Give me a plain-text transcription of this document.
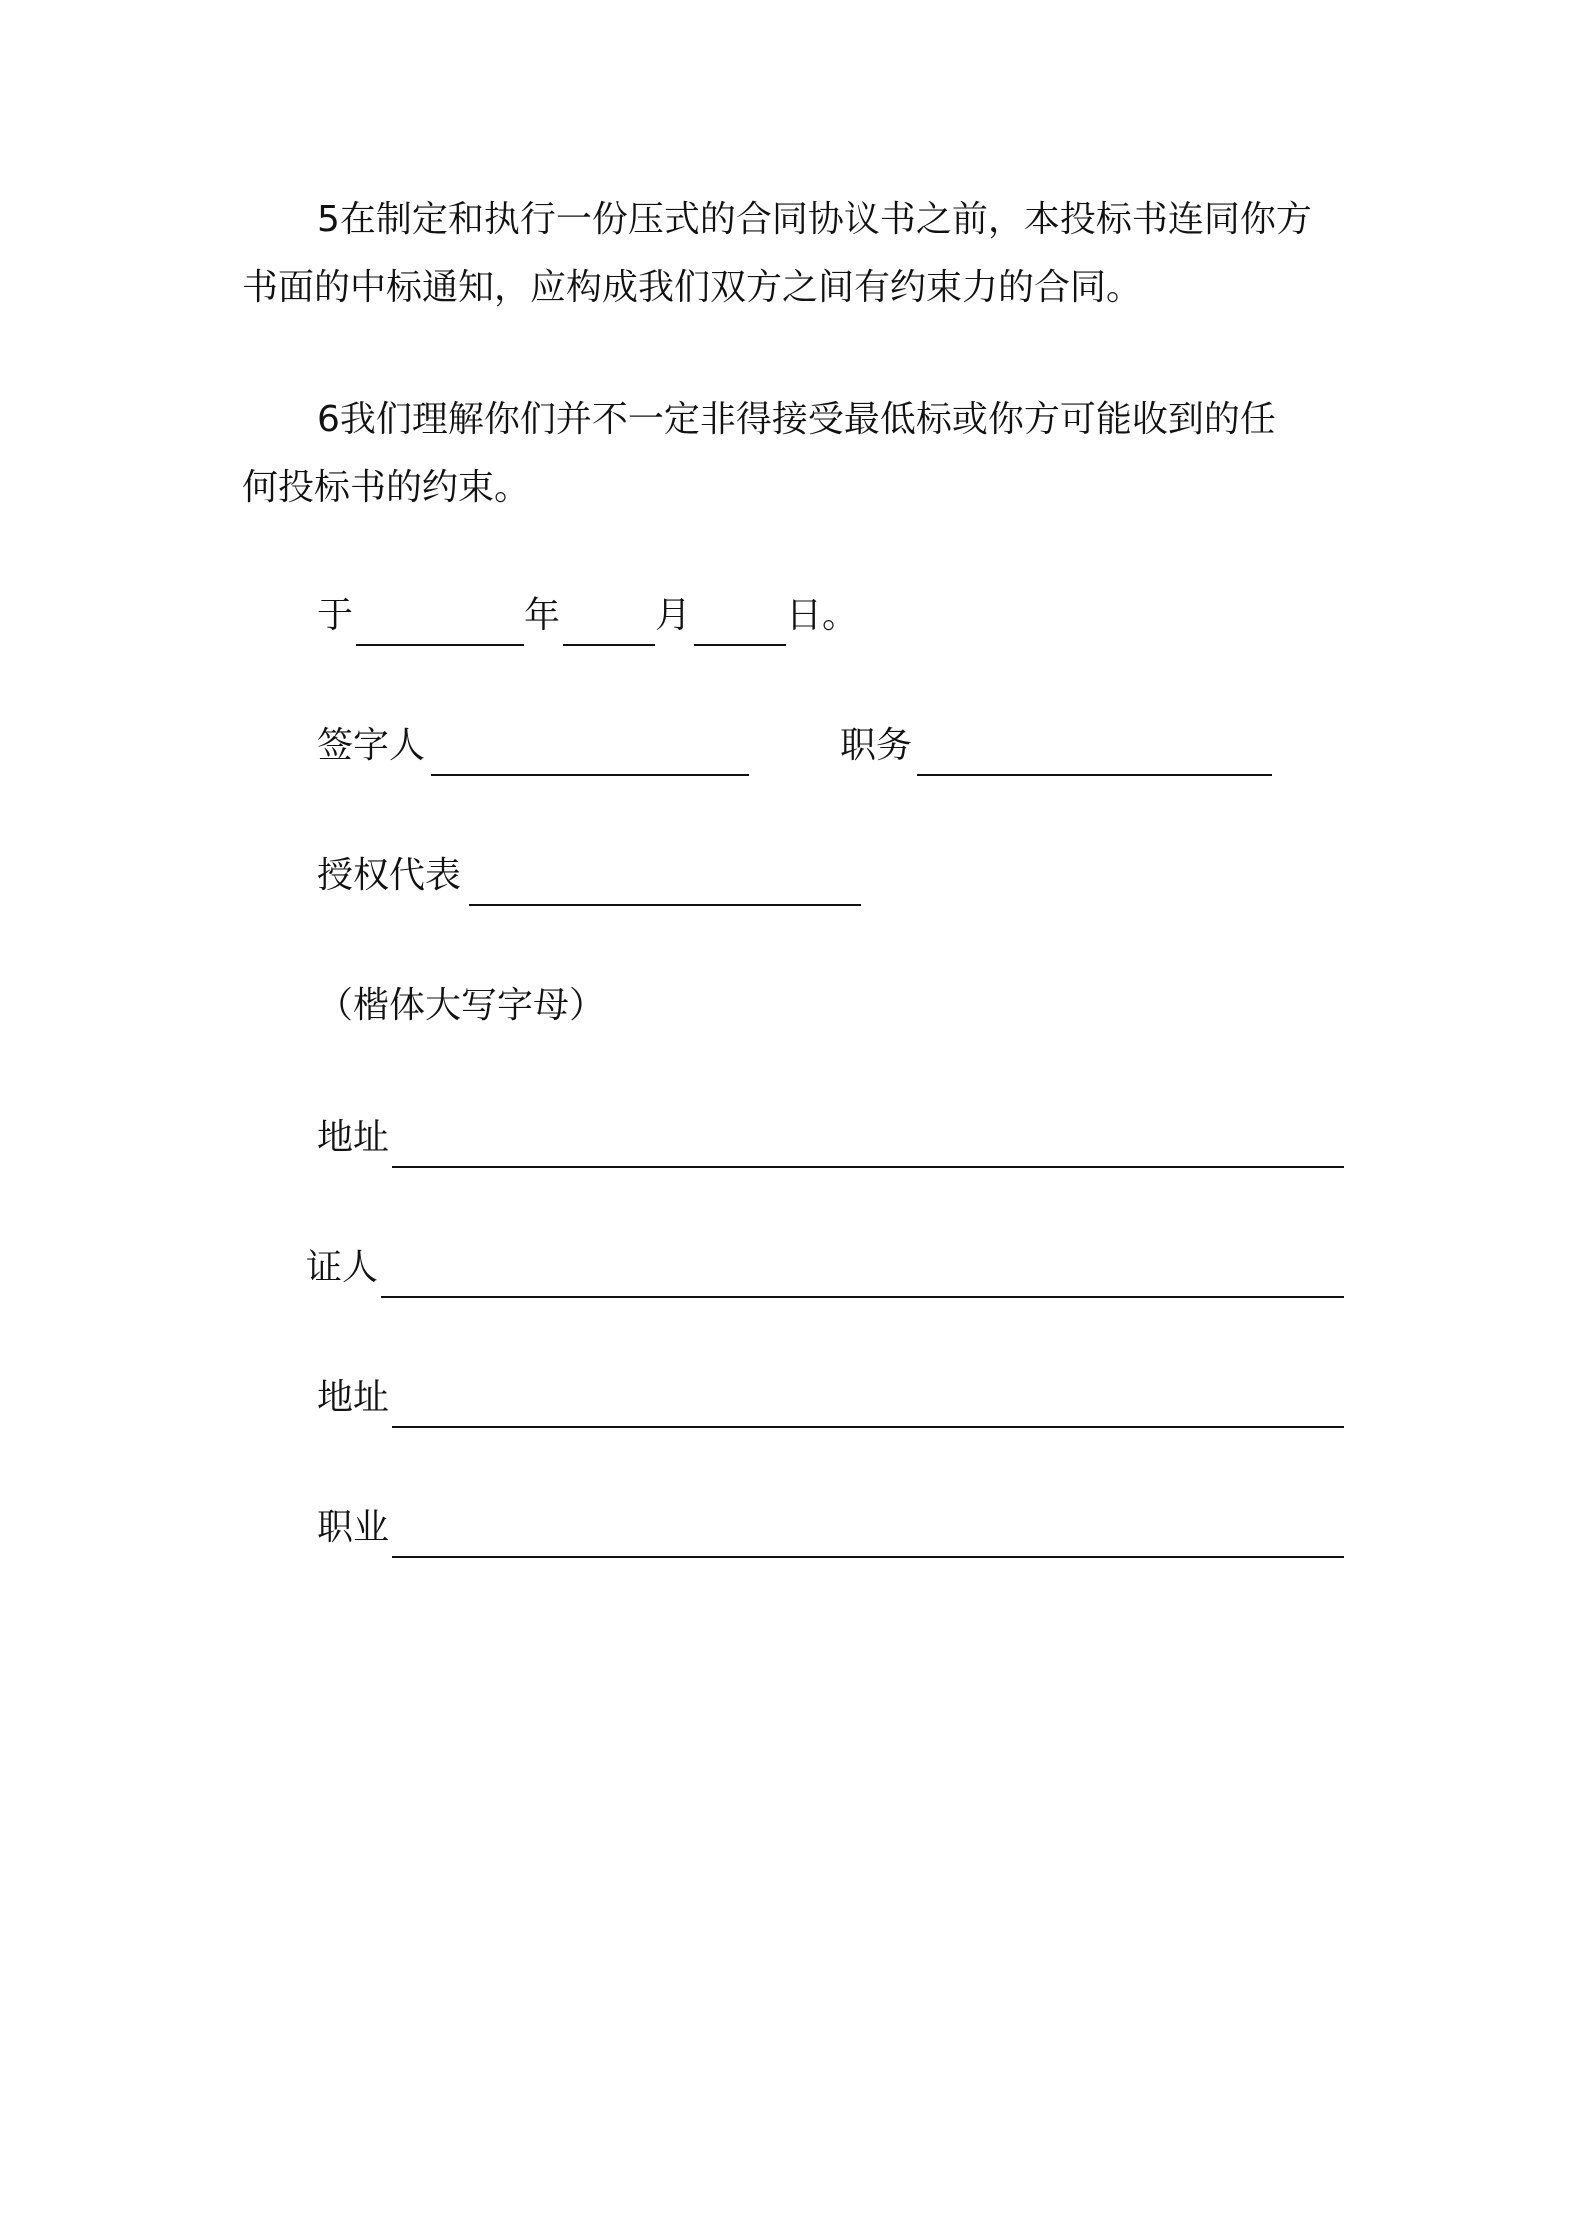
5在制定和执行一份压式的合同协议书之前，本投标书连同你方
书面的中标通知，应构成我们双方之间有约束力的合同。
6我们理解你们并不一定非得接受最低标或你方可能收到的任
何投标书的约束。
于	年	月	日。
签字人	职务
授权代表
（楷体大写字母）
地址
证人
地址
职业
